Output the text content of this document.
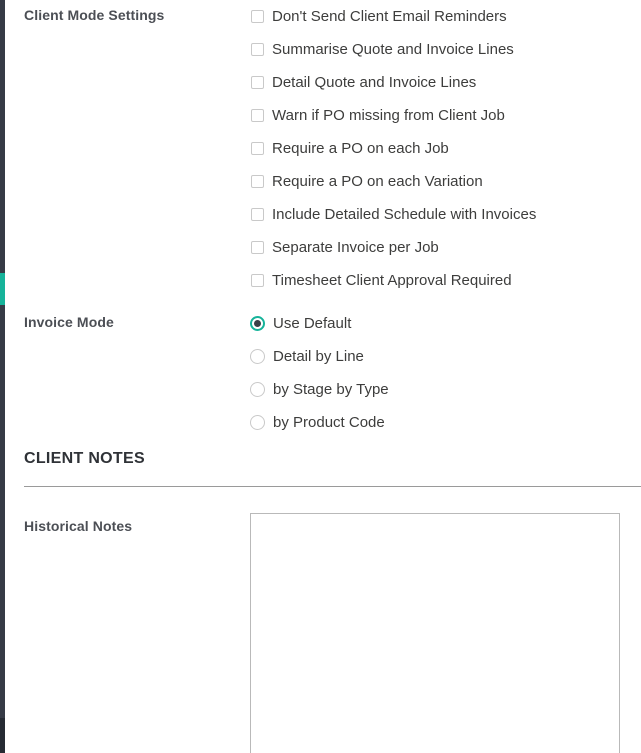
Client Mode Settings	Don't Send Client Email Reminders
Summarise Quote and Invoice Lines
Detail Quote and Invoice Lines
Warn if PO missing from Client Job
Require a PO on each Job
Require a PO on each Variation
Include Detailed Schedule with Invoices
Separate Invoice per Job
Timesheet Client Approval Required
Invoice Mode	Use Default
Detail by Line
by Stage by Type
by Product Code
CLIENT NOTES
Historical Notes
